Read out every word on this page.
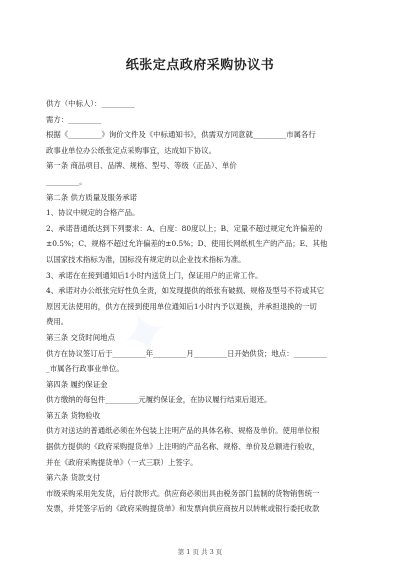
✦
纸张定点政府采购协议书
供方（中标人）：_________
需方：_________
根据《_________》询价文件及《中标通知书》，供需双方同意就_________市属各行
政事业单位办公纸张定点采购事宜，达成如下协议。
第一条 商品项目、品牌、规格、型号、等级（正品）、单价
_________。
第二条 供方质量及服务承诺
1、协议中规定的合格产品。
2、承诺普通纸达到下列要求：A、白度：80度以上；B、定量不超过规定允许偏差的
±0.5%；C、规格不超过允许偏差的±0.5%；D、使用长网纸机生产的产品；E、其他
以国家技术指标为准，国标没有规定的以企业技术指标为准。
3、承诺在在接到通知后1小时内送货上门，保证用户的正常工作。
4、承诺对办公纸张完好性负全责，如发现提供的纸张有破损、规格及型号不符或其它
原因无法使用的，供方在接到使用单位通知后1小时内予以退换，并承担退换的一切
费用。
第三条 交货时间地点
供方在协议签订后于_________年_________月_________日开始供货；地点：_________
_市属各行政事业单位。
第四条 履约保证金
供方缴纳的每包件_________元履约保证金，在协议履行结束后退还。
第五条 货物验收
供方对送达的普通纸必须在外包装上注明产品的具体名称、规格及单价。使用单位根
据供方提供的《政府采购提货单》上注明的产品名称、规格、单价及总额进行验收，
并在《政府采购提货单》（一式三联）上签字。
第六条 货款支付
市级采购采用先发货，后付款形式。供应商必须出具由税务部门监制的货物销售统一
发票，并凭签字后的《政府采购提货单》和发票向供应商按月以转帐或银行委托收款
第 1 页 共 3 页
